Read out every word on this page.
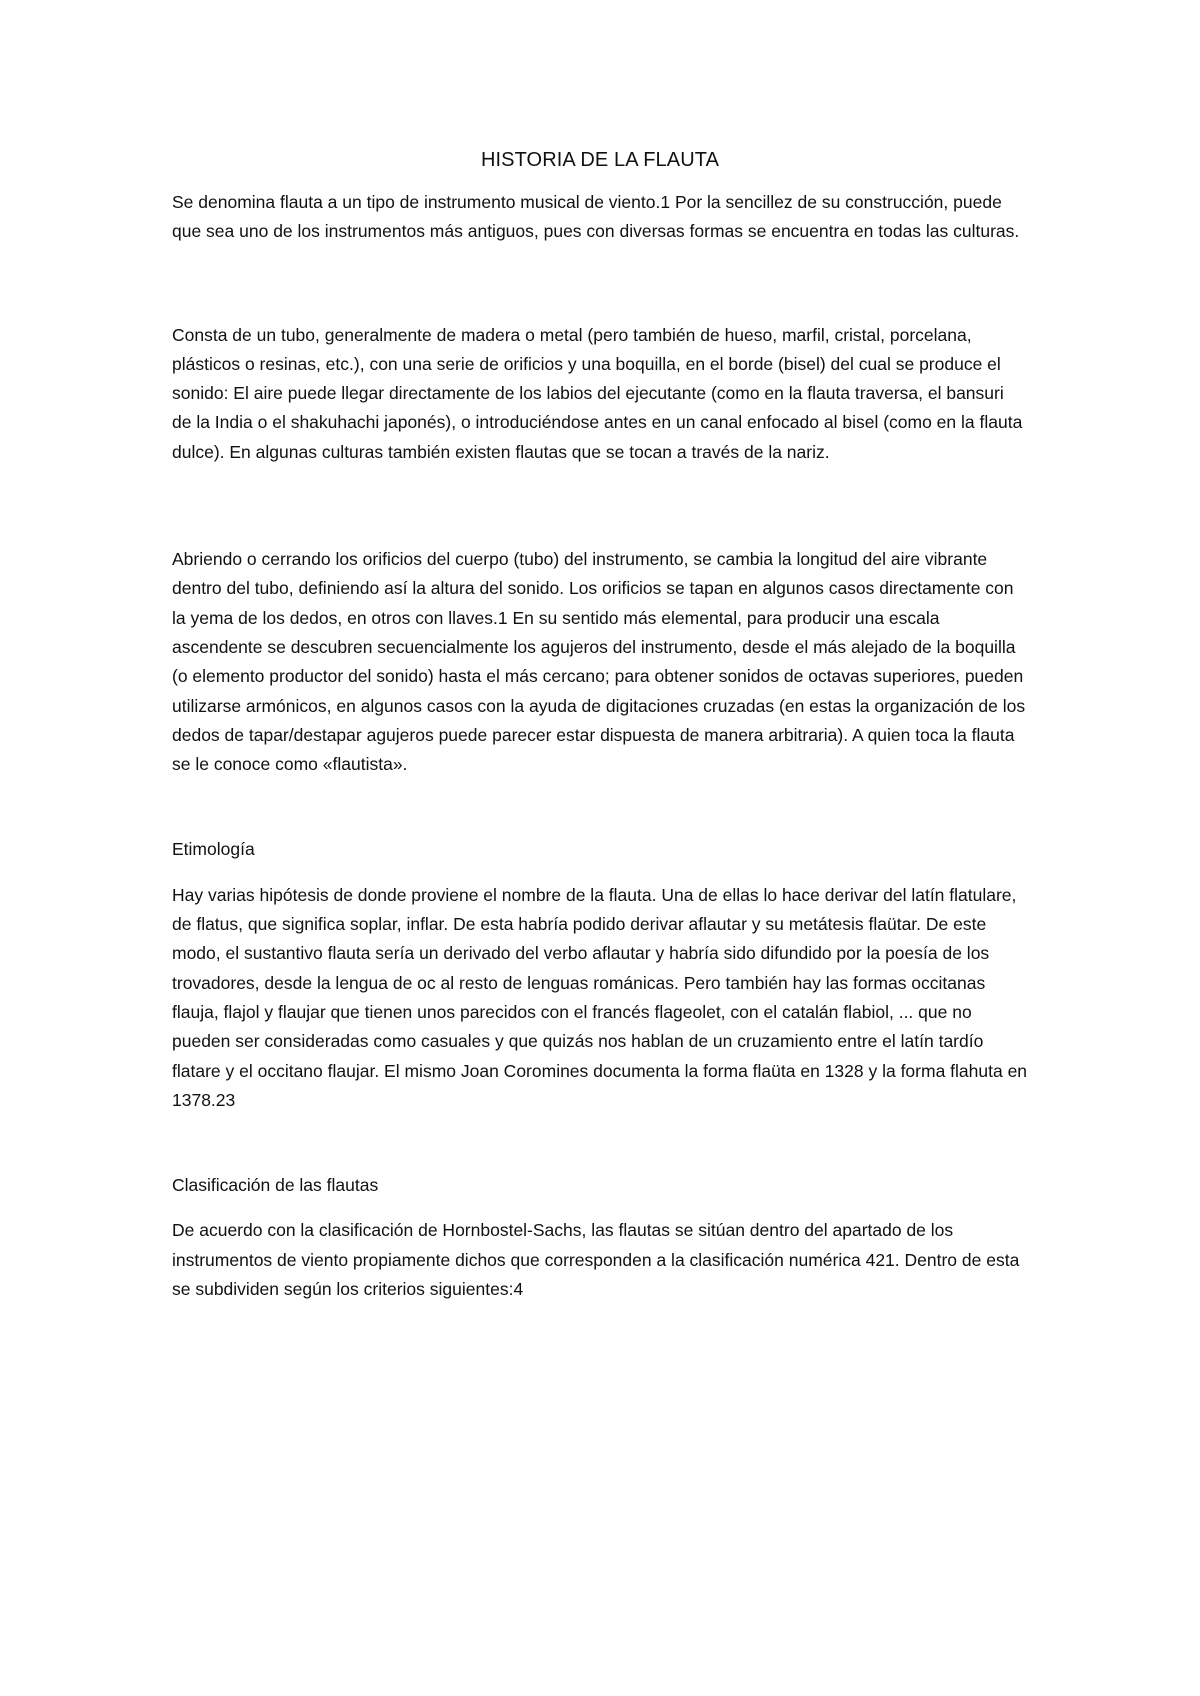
HISTORIA DE LA FLAUTA

Se denomina flauta a un tipo de instrumento musical de viento.1 Por la sencillez de su construcción, puede que sea uno de los instrumentos más antiguos, pues con diversas formas se encuentra en todas las culturas.

Consta de un tubo, generalmente de madera o metal (pero también de hueso, marfil, cristal, porcelana, plásticos o resinas, etc.), con una serie de orificios y una boquilla, en el borde (bisel) del cual se produce el sonido: El aire puede llegar directamente de los labios del ejecutante (como en la flauta traversa, el bansuri de la India o el shakuhachi japonés), o introduciéndose antes en un canal enfocado al bisel (como en la flauta dulce). En algunas culturas también existen flautas que se tocan a través de la nariz.

Abriendo o cerrando los orificios del cuerpo (tubo) del instrumento, se cambia la longitud del aire vibrante dentro del tubo, definiendo así la altura del sonido. Los orificios se tapan en algunos casos directamente con la yema de los dedos, en otros con llaves.1 En su sentido más elemental, para producir una escala ascendente se descubren secuencialmente los agujeros del instrumento, desde el más alejado de la boquilla (o elemento productor del sonido) hasta el más cercano; para obtener sonidos de octavas superiores, pueden utilizarse armónicos, en algunos casos con la ayuda de digitaciones cruzadas (en estas la organización de los dedos de tapar/destapar agujeros puede parecer estar dispuesta de manera arbitraria). A quien toca la flauta se le conoce como «flautista».

Etimología

Hay varias hipótesis de donde proviene el nombre de la flauta. Una de ellas lo hace derivar del latín flatulare, de flatus, que significa soplar, inflar. De esta habría podido derivar aflautar y su metátesis flaütar. De este modo, el sustantivo flauta sería un derivado del verbo aflautar y habría sido difundido por la poesía de los trovadores, desde la lengua de oc al resto de lenguas románicas. Pero también hay las formas occitanas flauja, flajol y flaujar que tienen unos parecidos con el francés flageolet, con el catalán flabiol, ... que no pueden ser consideradas como casuales y que quizás nos hablan de un cruzamiento entre el latín tardío flatare y el occitano flaujar. El mismo Joan Coromines documenta la forma flaüta en 1328 y la forma flahuta en 1378.23

Clasificación de las flautas

De acuerdo con la clasificación de Hornbostel-Sachs, las flautas se sitúan dentro del apartado de los instrumentos de viento propiamente dichos que corresponden a la clasificación numérica 421. Dentro de esta se subdividen según los criterios siguientes:4
